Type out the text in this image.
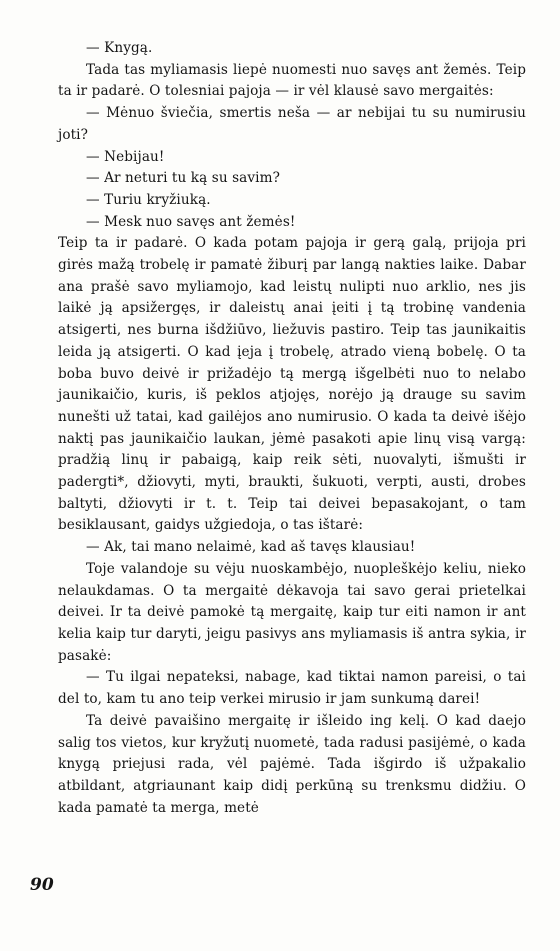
— Knygą.

Tada tas myliamasis liepė nuomesti nuo savęs ant žemės. Teip ta ir padarė. O tolesniai pajoja — ir vėl klausė savo mergaitės:

— Mėnuo šviečia, smertis neša — ar nebijai tu su numirusiu joti?

— Nebijau!

— Ar neturi tu ką su savim?

— Turiu kryžiuką.

— Mesk nuo savęs ant žemės!

Teip ta ir padarė. O kada potam pajoja ir gerą galą, prijoja pri girės mažą trobelę ir pamatė žiburį par langą nakties laike. Dabar ana prašė savo myliamojo, kad leistų nulipti nuo arklio, nes jis laikė ją apsižergęs, ir daleistų anai įeiti į tą trobinę vandenia atsigerti, nes burna išdžiūvo, liežuvis pastiro. Teip tas jaunikaitis leida ją atsigerti. O kad įeja į trobelę, atrado vieną bobelę. O ta boba buvo deivė ir prižadėjo tą mergą išgelbėti nuo to nelabo jaunikaičio, kuris, iš peklos atjojęs, norėjo ją drauge su savim nunešti už tatai, kad gailėjos ano numirusio. O kada ta deivė išėjo naktį pas jaunikaičio laukan, jėmė pasakoti apie linų visą vargą: pradžią linų ir pabaigą, kaip reik sėti, nuovalyti, išmušti ir padergti*, džiovyti, myti, braukti, šukuoti, verpti, austi, drobes baltyti, džiovyti ir t. t. Teip tai deivei bepasakojant, o tam besiklausant, gaidys užgiedoja, o tas ištarė:

— Ak, tai mano nelaimė, kad aš tavęs klausiau!

Toje valandoje su vėju nuoskambėjo, nuopleškėjo keliu, nieko nelaukdamas. O ta mergaitė dėkavoja tai savo gerai prietelkai deivei. Ir ta deivė pamokė tą mergaitę, kaip tur eiti namon ir ant kelia kaip tur daryti, jeigu pasivys ans myliamasis iš antra sykia, ir pasakė:

— Tu ilgai nepateksi, nabage, kad tiktai namon pareisi, o tai del to, kam tu ano teip verkei mirusio ir jam sunkumą darei!

Ta deivė pavaišino mergaitę ir išleido ing kelį. O kad daejo salig tos vietos, kur kryžutį nuometė, tada radusi pasijėmė, o kada knygą priejusi rada, vėl pajėmė. Tada išgirdo iš užpakalio atbildant, atgriaunant kaip didį perkūną su trenksmu didžiu. O kada pamatė ta merga, metė

90
